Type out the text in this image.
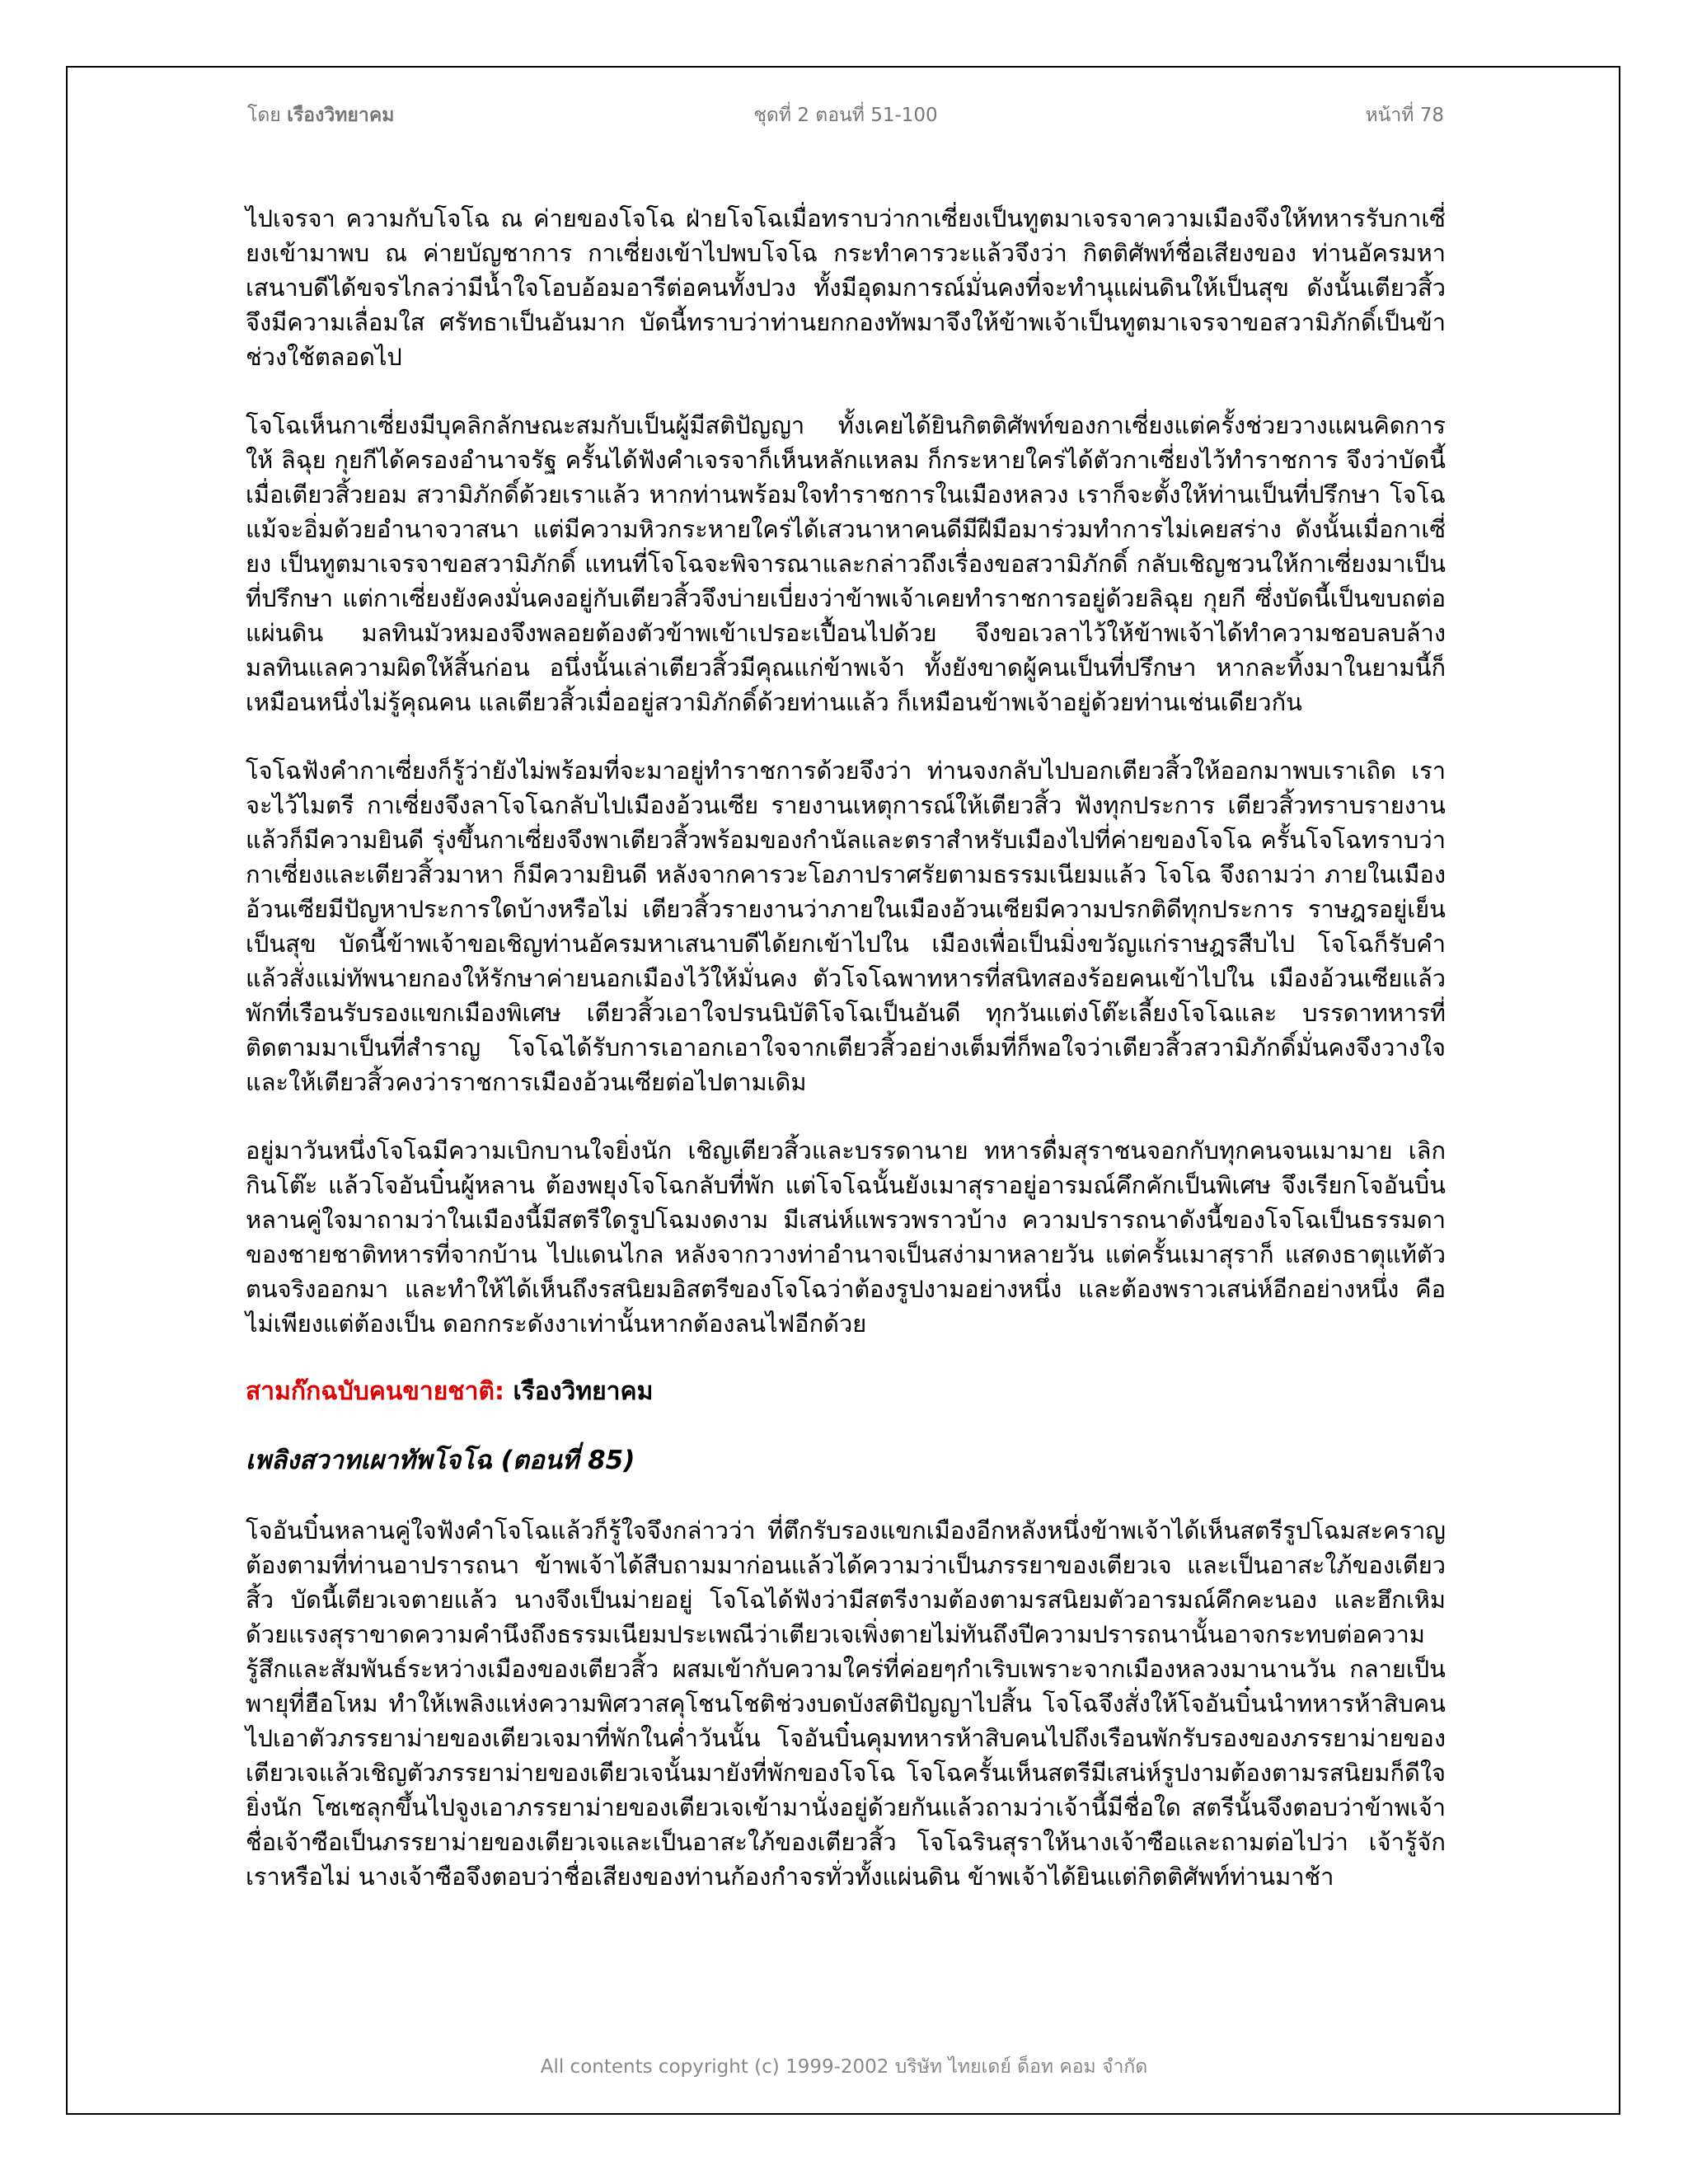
โดย เรืองวิทยาคม	ชุดที่ 2 ตอนที่ 51-100	หน้าที่ 78

ไปเจรจา ความกับโจโฉ ณ ค่ายของโจโฉ ฝ่ายโจโฉเมื่อทราบว่ากาเซี่ยงเป็นทูตมาเจรจาความเมืองจึงให้ทหารรับกาเซี่ยงเข้ามาพบ ณ ค่ายบัญชาการ กาเซี่ยงเข้าไปพบโจโฉ กระทำคารวะแล้วจึงว่า กิตติศัพท์ชื่อเสียงของ ท่านอัครมหาเสนาบดีได้ขจรไกลว่ามีน้ำใจโอบอ้อมอารีต่อคนทั้งปวง ทั้งมีอุดมการณ์มั่นคงที่จะทำนุแผ่นดินให้เป็นสุข ดังนั้นเตียวสิ้วจึงมีความเลื่อมใส ศรัทธาเป็นอันมาก บัดนี้ทราบว่าท่านยกกองทัพมาจึงให้ข้าพเจ้าเป็นทูตมาเจรจาขอสวามิภักดิ์เป็นข้าช่วงใช้ตลอดไป

โจโฉเห็นกาเซี่ยงมีบุคลิกลักษณะสมกับเป็นผู้มีสติปัญญา ทั้งเคยได้ยินกิตติศัพท์ของกาเซี่ยงแต่ครั้งช่วยวางแผนคิดการให้ ลิฉุย กุยกีได้ครองอำนาจรัฐ ครั้นได้ฟังคำเจรจาก็เห็นหลักแหลม ก็กระหายใคร่ได้ตัวกาเซี่ยงไว้ทำราชการ จึงว่าบัดนี้เมื่อเตียวสิ้วยอม สวามิภักดิ์ด้วยเราแล้ว หากท่านพร้อมใจทำราชการในเมืองหลวง เราก็จะตั้งให้ท่านเป็นที่ปรึกษา โจโฉแม้จะอิ่มด้วยอำนาจวาสนา แต่มีความหิวกระหายใคร่ได้เสวนาหาคนดีมีฝีมือมาร่วมทำการไม่เคยสร่าง ดังนั้นเมื่อกาเซี่ยง เป็นทูตมาเจรจาขอสวามิภักดิ์ แทนที่โจโฉจะพิจารณาและกล่าวถึงเรื่องขอสวามิภักดิ์ กลับเชิญชวนให้กาเซี่ยงมาเป็นที่ปรึกษา แต่กาเซี่ยงยังคงมั่นคงอยู่กับเตียวสิ้วจึงบ่ายเบี่ยงว่าข้าพเจ้าเคยทำราชการอยู่ด้วยลิฉุย กุยกี ซึ่งบัดนี้เป็นขบถต่อแผ่นดิน มลทินมัวหมองจึงพลอยต้องตัวข้าพเข้าเปรอะเปื้อนไปด้วย จึงขอเวลาไว้ให้ข้าพเจ้าได้ทำความชอบลบล้างมลทินแลความผิดให้สิ้นก่อน อนึ่งนั้นเล่าเตียวสิ้วมีคุณแก่ข้าพเจ้า ทั้งยังขาดผู้คนเป็นที่ปรึกษา หากละทิ้งมาในยามนี้ก็เหมือนหนึ่งไม่รู้คุณคน แลเตียวสิ้วเมื่ออยู่สวามิภักดิ์ด้วยท่านแล้ว ก็เหมือนข้าพเจ้าอยู่ด้วยท่านเช่นเดียวกัน

โจโฉฟังคำกาเซี่ยงก็รู้ว่ายังไม่พร้อมที่จะมาอยู่ทำราชการด้วยจึงว่า ท่านจงกลับไปบอกเตียวสิ้วให้ออกมาพบเราเถิด เราจะไว้ไมตรี กาเซี่ยงจึงลาโจโฉกลับไปเมืองอ้วนเซีย รายงานเหตุการณ์ให้เตียวสิ้ว ฟังทุกประการ เตียวสิ้วทราบรายงานแล้วก็มีความยินดี รุ่งขึ้นกาเซี่ยงจึงพาเตียวสิ้วพร้อมของกำนัลและตราสำหรับเมืองไปที่ค่ายของโจโฉ ครั้นโจโฉทราบว่ากาเซี่ยงและเตียวสิ้วมาหา ก็มีความยินดี หลังจากคารวะโอภาปราศรัยตามธรรมเนียมแล้ว โจโฉ จึงถามว่า ภายในเมืองอ้วนเซียมีปัญหาประการใดบ้างหรือไม่ เตียวสิ้วรายงานว่าภายในเมืองอ้วนเซียมีความปรกติดีทุกประการ ราษฎรอยู่เย็นเป็นสุข บัดนี้ข้าพเจ้าขอเชิญท่านอัครมหาเสนาบดีได้ยกเข้าไปใน เมืองเพื่อเป็นมิ่งขวัญแก่ราษฎรสืบไป โจโฉก็รับคำ แล้วสั่งแม่ทัพนายกองให้รักษาค่ายนอกเมืองไว้ให้มั่นคง ตัวโจโฉพาทหารที่สนิทสองร้อยคนเข้าไปใน เมืองอ้วนเซียแล้วพักที่เรือนรับรองแขกเมืองพิเศษ เตียวสิ้วเอาใจปรนนิบัติโจโฉเป็นอันดี ทุกวันแต่งโต๊ะเลี้ยงโจโฉและ บรรดาทหารที่ติดตามมาเป็นที่สำราญ โจโฉได้รับการเอาอกเอาใจจากเตียวสิ้วอย่างเต็มที่ก็พอใจว่าเตียวสิ้วสวามิภักดิ์มั่นคงจึงวางใจและให้เตียวสิ้วคงว่าราชการเมืองอ้วนเซียต่อไปตามเดิม

อยู่มาวันหนึ่งโจโฉมีความเบิกบานใจยิ่งนัก เชิญเตียวสิ้วและบรรดานาย ทหารดื่มสุราชนจอกกับทุกคนจนเมามาย เลิกกินโต๊ะ แล้วโจอันบิ๋นผู้หลาน ต้องพยุงโจโฉกลับที่พัก แต่โจโฉนั้นยังเมาสุราอยู่อารมณ์คึกคักเป็นพิเศษ จึงเรียกโจอันบิ๋นหลานคู่ใจมาถามว่าในเมืองนี้มีสตรีใดรูปโฉมงดงาม มีเสน่ห์แพรวพราวบ้าง ความปรารถนาดังนี้ของโจโฉเป็นธรรมดาของชายชาติทหารที่จากบ้าน ไปแดนไกล หลังจากวางท่าอำนาจเป็นสง่ามาหลายวัน แต่ครั้นเมาสุราก็ แสดงธาตุแท้ตัวตนจริงออกมา และทำให้ได้เห็นถึงรสนิยมอิสตรีของโจโฉว่าต้องรูปงามอย่างหนึ่ง และต้องพราวเสน่ห์อีกอย่างหนึ่ง คือไม่เพียงแต่ต้องเป็น ดอกกระดังงาเท่านั้นหากต้องลนไฟอีกด้วย

สามก๊กฉบับคนขายชาติ: เรืองวิทยาคม
เพลิงสวาทเผาทัพโจโฉ (ตอนที่ 85)

โจอันบิ๋นหลานคู่ใจฟังคำโจโฉแล้วก็รู้ใจจึงกล่าวว่า ที่ตึกรับรองแขกเมืองอีกหลังหนึ่งข้าพเจ้าได้เห็นสตรีรูปโฉมสะคราญต้องตามที่ท่านอาปรารถนา ข้าพเจ้าได้สืบถามมาก่อนแล้วได้ความว่าเป็นภรรยาของเตียวเจ และเป็นอาสะใภ้ของเตียวสิ้ว บัดนี้เตียวเจตายแล้ว นางจึงเป็นม่ายอยู่ โจโฉได้ฟังว่ามีสตรีงามต้องตามรสนิยมตัวอารมณ์คึกคะนอง และฮึกเหิมด้วยแรงสุราขาดความคำนึงถึงธรรมเนียมประเพณีว่าเตียวเจเพิ่งตายไม่ทันถึงปีความปรารถนานั้นอาจกระทบต่อความรู้สึกและสัมพันธ์ระหว่างเมืองของเตียวสิ้ว ผสมเข้ากับความใคร่ที่ค่อยๆกำเริบเพราะจากเมืองหลวงมานานวัน กลายเป็นพายุที่ฮือโหม ทำให้เพลิงแห่งความพิศวาสคุโชนโชติช่วงบดบังสติปัญญาไปสิ้น โจโฉจึงสั่งให้โจอันบิ๋นนำทหารห้าสิบคนไปเอาตัวภรรยาม่ายของเตียวเจมาที่พักในค่ำวันนั้น โจอันบิ๋นคุมทหารห้าสิบคนไปถึงเรือนพักรับรองของภรรยาม่ายของเตียวเจแล้วเชิญตัวภรรยาม่ายของเตียวเจนั้นมายังที่พักของโจโฉ โจโฉครั้นเห็นสตรีมีเสน่ห์รูปงามต้องตามรสนิยมก็ดีใจยิ่งนัก โซเซลุกขึ้นไปจูงเอาภรรยาม่ายของเตียวเจเข้ามานั่งอยู่ด้วยกันแล้วถามว่าเจ้านี้มีชื่อใด สตรีนั้นจึงตอบว่าข้าพเจ้าชื่อเจ้าซือเป็นภรรยาม่ายของเตียวเจและเป็นอาสะใภ้ของเตียวสิ้ว โจโฉรินสุราให้นางเจ้าซือและถามต่อไปว่า เจ้ารู้จักเราหรือไม่ นางเจ้าซือจึงตอบว่าชื่อเสียงของท่านก้องกำจรทั่วทั้งแผ่นดิน ข้าพเจ้าได้ยินแต่กิตติศัพท์ท่านมาช้า

All contents copyright (c) 1999-2002 บริษัท ไทยเดย์ ด็อท คอม จำกัด
